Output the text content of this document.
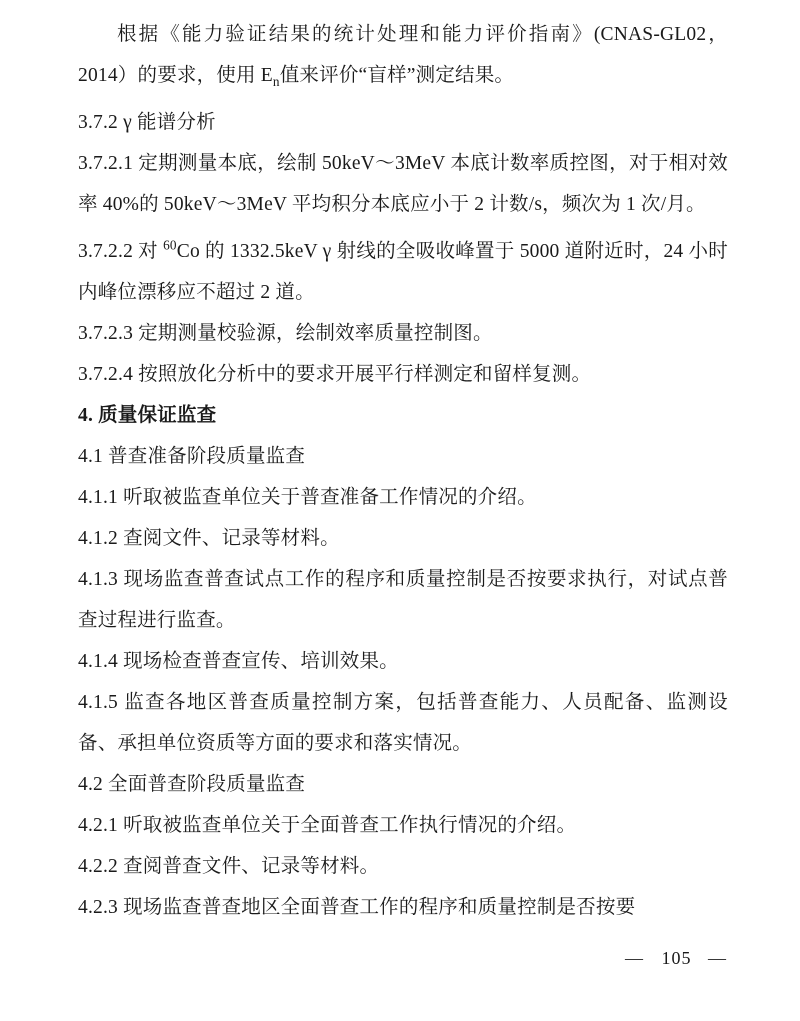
根据《能力验证结果的统计处理和能力评价指南》(CNAS-GL02，2014）的要求，使用 $E_n$值来评价“盲样”测定结果。

3.7.2 γ 能谱分析

3.7.2.1 定期测量本底，绘制 50keV～3MeV 本底计数率质控图，对于相对效率 40%的 50keV～3MeV 平均积分本底应小于 2 计数/s，频次为 1 次/月。

3.7.2.2 对 $^{60}$Co 的 1332.5keV γ 射线的全吸收峰置于 5000 道附近时，24 小时内峰位漂移应不超过 2 道。

3.7.2.3 定期测量校验源，绘制效率质量控制图。

3.7.2.4 按照放化分析中的要求开展平行样测定和留样复测。

4. 质量保证监查

4.1 普查准备阶段质量监查

4.1.1 听取被监查单位关于普查准备工作情况的介绍。

4.1.2 查阅文件、记录等材料。

4.1.3 现场监查普查试点工作的程序和质量控制是否按要求执行，对试点普查过程进行监查。

4.1.4 现场检查普查宣传、培训效果。

4.1.5 监查各地区普查质量控制方案，包括普查能力、人员配备、监测设备、承担单位资质等方面的要求和落实情况。

4.2 全面普查阶段质量监查

4.2.1 听取被监查单位关于全面普查工作执行情况的介绍。

4.2.2 查阅普查文件、记录等材料。

4.2.3 现场监查普查地区全面普查工作的程序和质量控制是否按要

— 105 —
